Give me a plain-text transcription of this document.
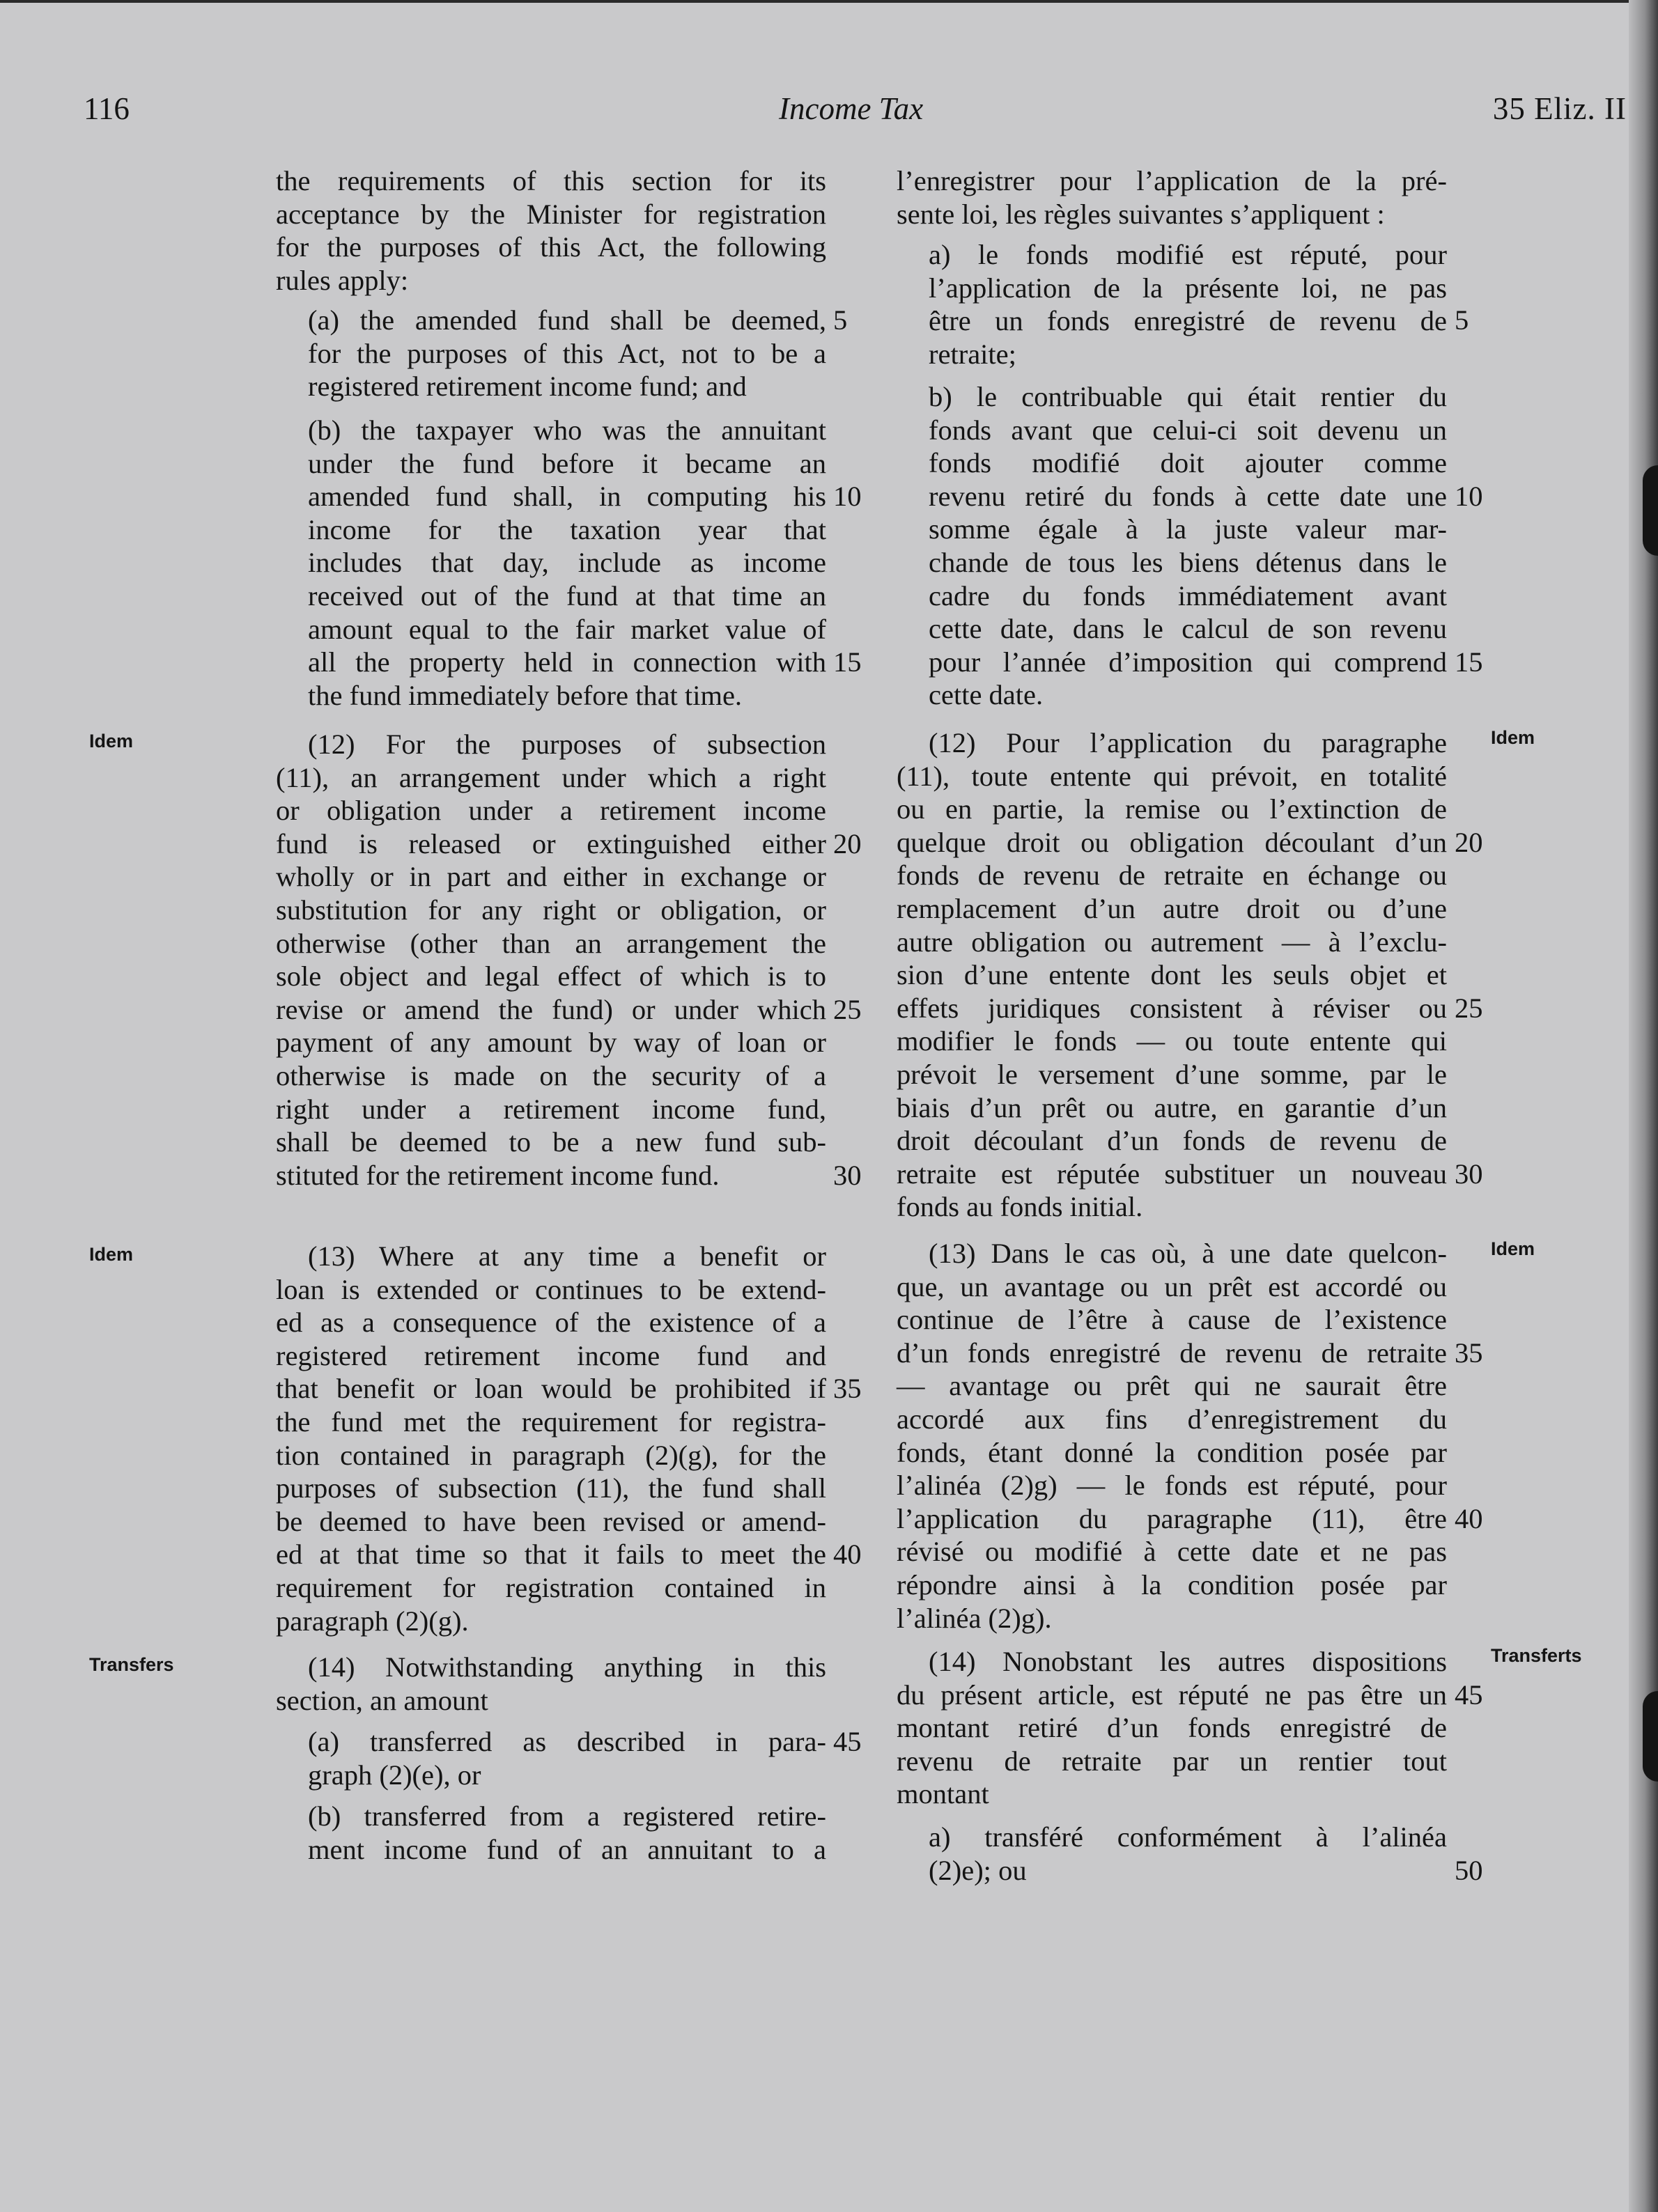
116	Income Tax	35 Eliz. II
Idem
Idem
Transfers
Idem
Idem
Transferts
the requirements of this section for its
acceptance by the Minister for registration
for the purposes of this Act, the following
rules apply:
(a) the amended fund shall be deemed,
for the purposes of this Act, not to be a
registered retirement income fund; and
(b) the taxpayer who was the annuitant
under the fund before it became an
amended fund shall, in computing his
income for the taxation year that
includes that day, include as income
received out of the fund at that time an
amount equal to the fair market value of
all the property held in connection with
the fund immediately before that time.
(12) For the purposes of subsection
(11), an arrangement under which a right
or obligation under a retirement income
fund is released or extinguished either
wholly or in part and either in exchange or
substitution for any right or obligation, or
otherwise (other than an arrangement the
sole object and legal effect of which is to
revise or amend the fund) or under which
payment of any amount by way of loan or
otherwise is made on the security of a
right under a retirement income fund,
shall be deemed to be a new fund sub-
stituted for the retirement income fund.
(13) Where at any time a benefit or
loan is extended or continues to be extend-
ed as a consequence of the existence of a
registered retirement income fund and
that benefit or loan would be prohibited if
the fund met the requirement for registra-
tion contained in paragraph (2)(g), for the
purposes of subsection (11), the fund shall
be deemed to have been revised or amend-
ed at that time so that it fails to meet the
requirement for registration contained in
paragraph (2)(g).
(14) Notwithstanding anything in this
section, an amount
(a) transferred as described in para-
graph (2)(e), or
(b) transferred from a registered retire-
ment income fund of an annuitant to a
5
10
15
20
25
30
35
40
45
l’enregistrer pour l’application de la pré-
sente loi, les règles suivantes s’appliquent :
a) le fonds modifié est réputé, pour
l’application de la présente loi, ne pas
être un fonds enregistré de revenu de
retraite;
b) le contribuable qui était rentier du
fonds avant que celui-ci soit devenu un
fonds modifié doit ajouter comme
revenu retiré du fonds à cette date une
somme égale à la juste valeur mar-
chande de tous les biens détenus dans le
cadre du fonds immédiatement avant
cette date, dans le calcul de son revenu
pour l’année d’imposition qui comprend
cette date.
(12) Pour l’application du paragraphe
(11), toute entente qui prévoit, en totalité
ou en partie, la remise ou l’extinction de
quelque droit ou obligation découlant d’un
fonds de revenu de retraite en échange ou
remplacement d’un autre droit ou d’une
autre obligation ou autrement — à l’exclu-
sion d’une entente dont les seuls objet et
effets juridiques consistent à réviser ou
modifier le fonds — ou toute entente qui
prévoit le versement d’une somme, par le
biais d’un prêt ou autre, en garantie d’un
droit découlant d’un fonds de revenu de
retraite est réputée substituer un nouveau
fonds au fonds initial.
(13) Dans le cas où, à une date quelcon-
que, un avantage ou un prêt est accordé ou
continue de l’être à cause de l’existence
d’un fonds enregistré de revenu de retraite
— avantage ou prêt qui ne saurait être
accordé aux fins d’enregistrement du
fonds, étant donné la condition posée par
l’alinéa (2)g) — le fonds est réputé, pour
l’application du paragraphe (11), être
révisé ou modifié à cette date et ne pas
répondre ainsi à la condition posée par
l’alinéa (2)g).
(14) Nonobstant les autres dispositions
du présent article, est réputé ne pas être un
montant retiré d’un fonds enregistré de
revenu de retraite par un rentier tout
montant
a) transféré conformément à l’alinéa
(2)e); ou
5
10
15
20
25
30
35
40
45
50
